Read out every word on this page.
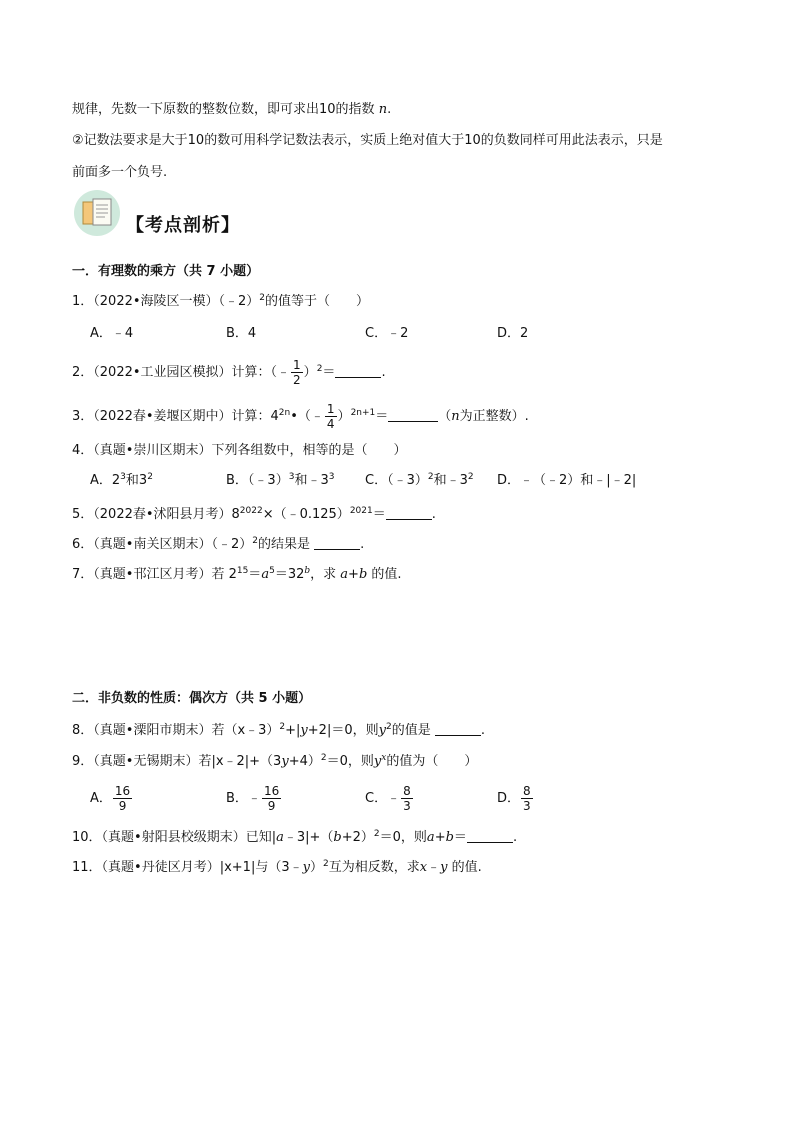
规律，先数一下原数的整数位数，即可求出10的指数 n.
②记数法要求是大于10的数可用科学记数法表示，实质上绝对值大于10的负数同样可用此法表示，只是
前面多一个负号.
【考点剖析】
一．有理数的乘方（共 7 小题）
1．（2022•海陵区一模）（﹣2）$^2$的值等于（　　）
A．﹣4	B．4	C．﹣2	D．2
2．（2022•工业园区模拟）计算：（﹣ $\frac{1}{2} )^2=$	.
3．（2022春•姜堰区期中）计算：$4^{2n}•(﹣ \frac{1}{4} )^{2n+1}=$	（n为正整数）.
4．（真题•崇川区期末）下列各组数中，相等的是（　　）
A．$2^3$和$3^2$	B．（﹣3）$^3$和$﹣3^3$ C．（﹣3）$^2$和$﹣3^2$ D．﹣（﹣2）和﹣|﹣2|
5．（2022春•沭阳县月考）$8^{2022}\times(﹣0.125)^{2021}=$	.
6．（真题•南关区期末）（﹣2）$^2$的结果是	.
7．（真题•邗江区月考）若 $2^{15}=a^5=32^b$，求 a+b 的值.
二．非负数的性质：偶次方（共 5 小题）
8．（真题•溧阳市期末）若（x﹣3）$^2$+|y+2|＝0，则$y^2$的值是	.
9．（真题•无锡期末）若$|x﹣2|+(3y+4)^2=0$，则$y^x$的值为（　　）
A． $\frac{16}{9}$	B．﹣ $\frac{16}{9}$	C．﹣ $\frac{8}{3}$	D． $\frac{8}{3}$
10．（真题•射阳县校级期末）已知$|a﹣3|+(b+2)^2=0$，则a+b＝	.
11．（真题•丹徒区月考）|x+1|与（3﹣y）$^2$互为相反数，求x﹣y 的值.
